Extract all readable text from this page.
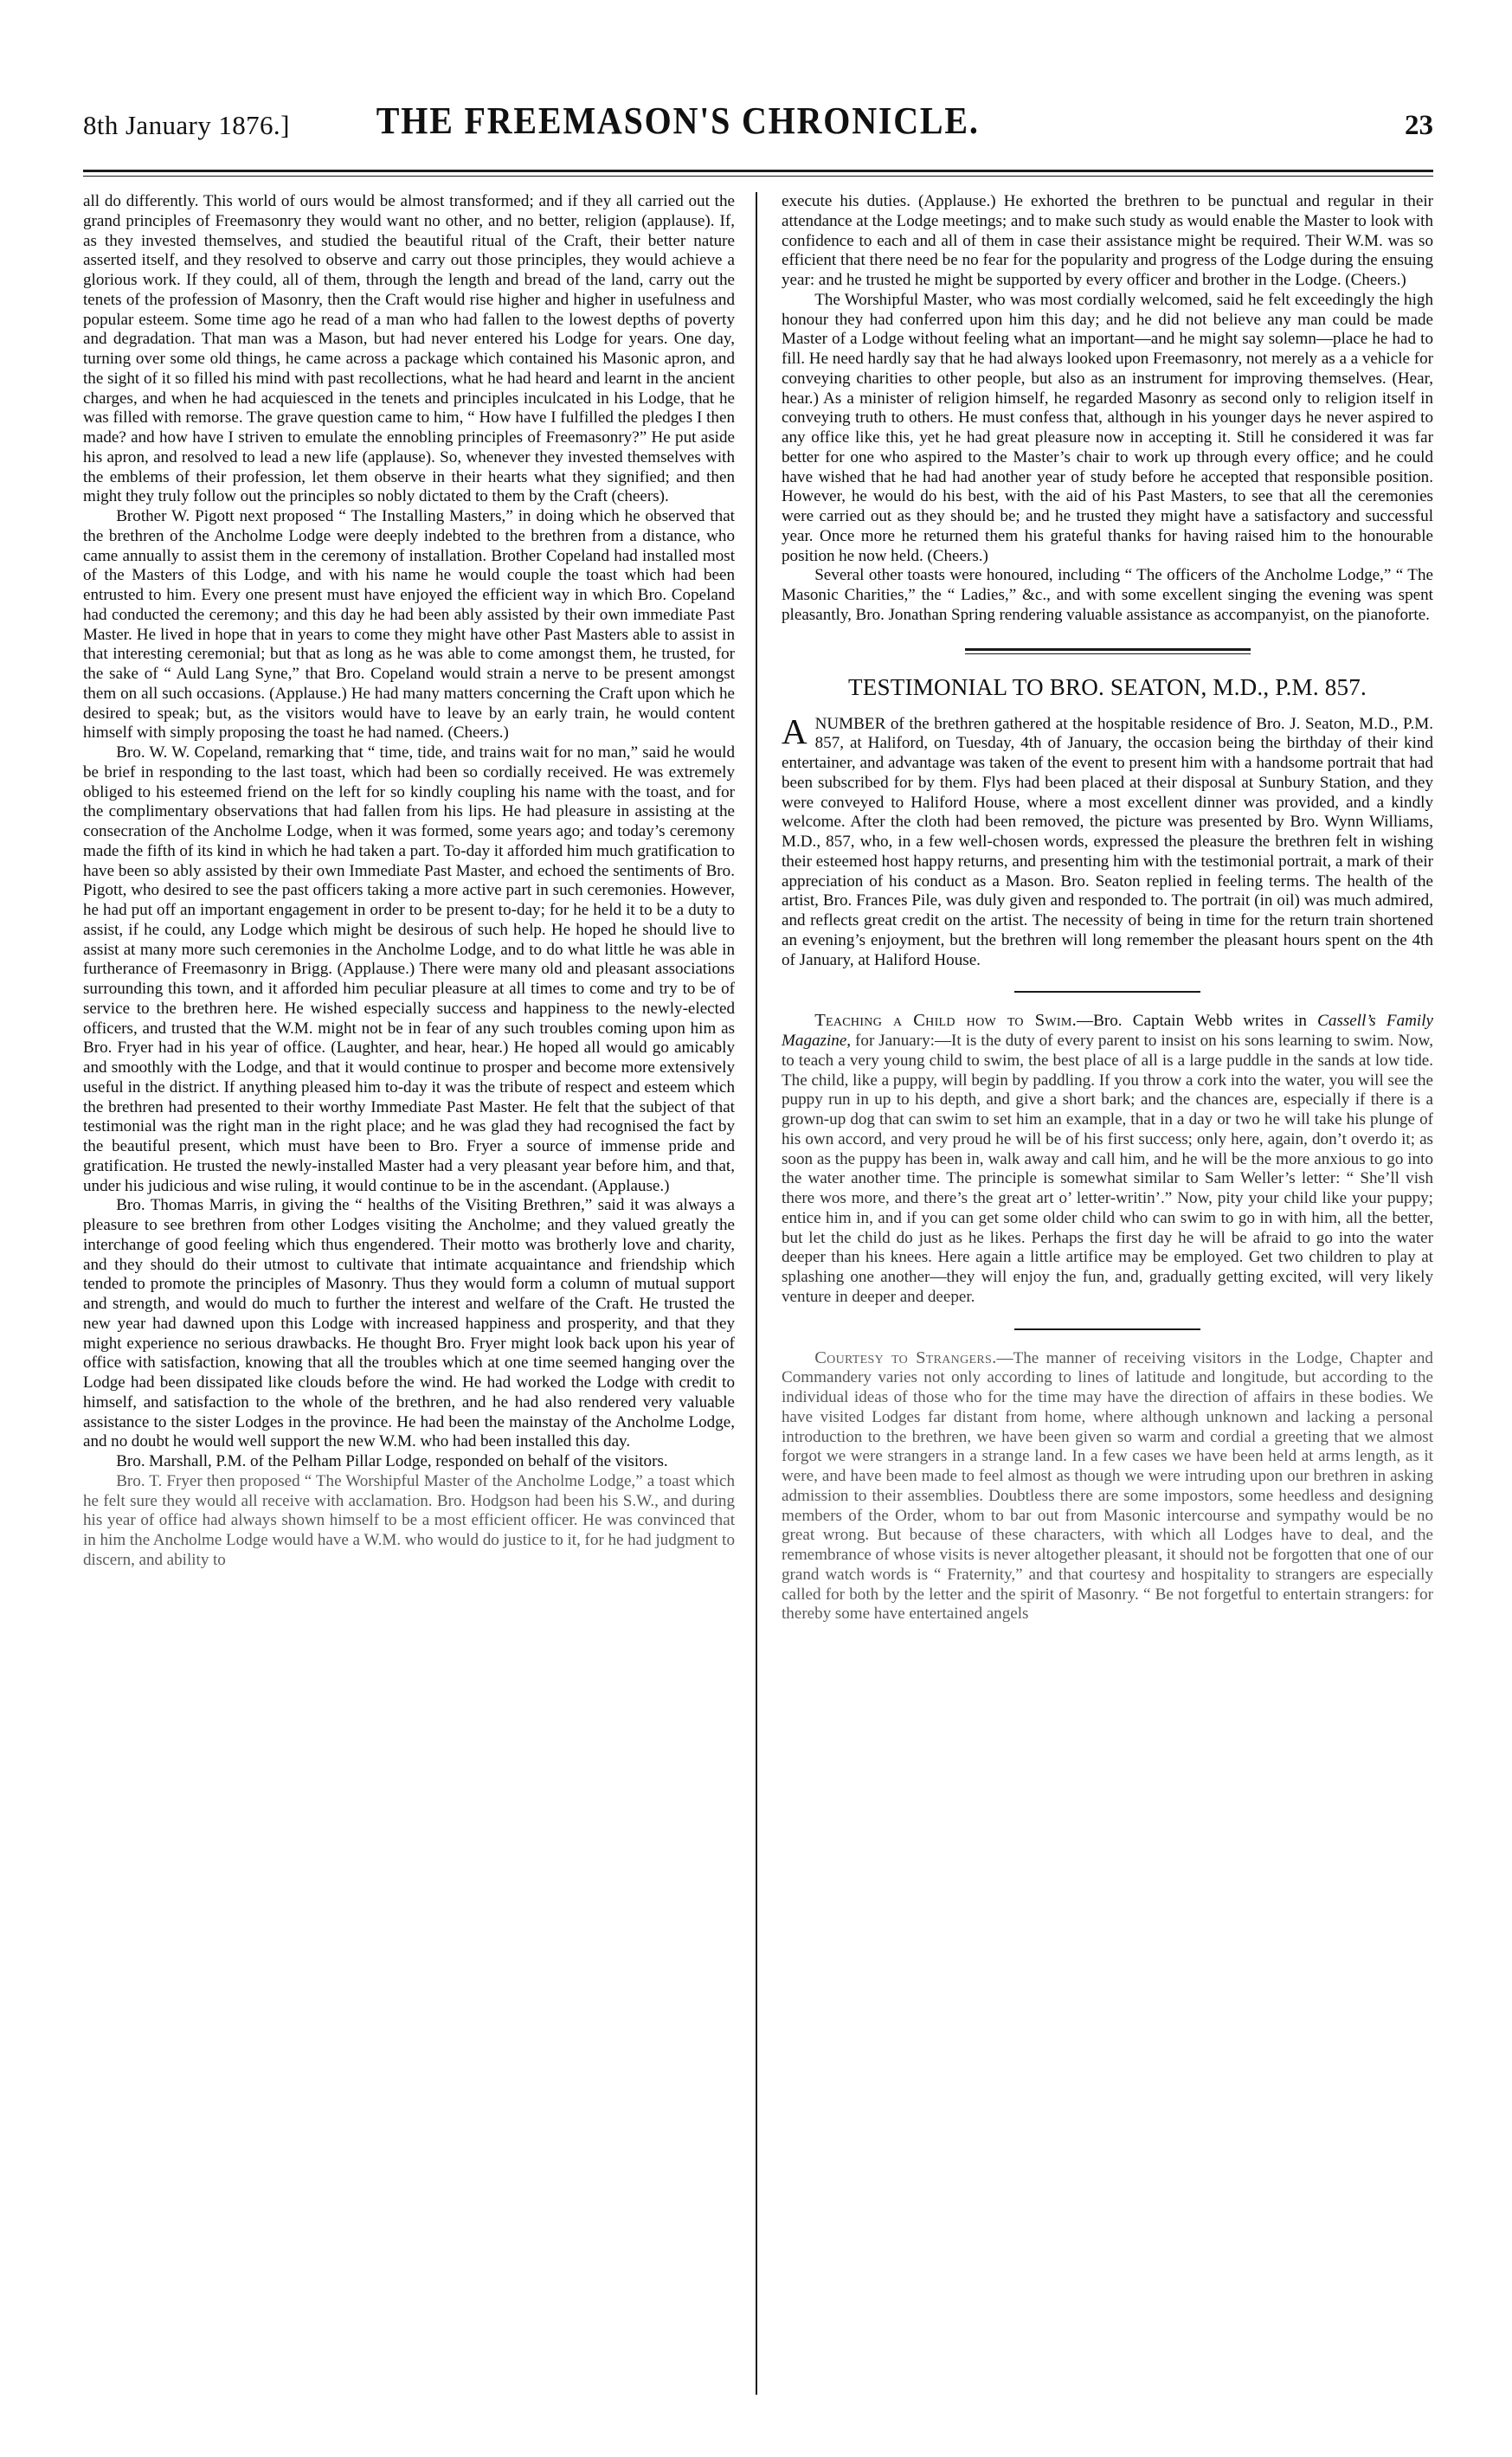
8th January 1876.]	THE FREEMASON'S CHRONICLE.	23

all do differently. This world of ours would be almost transformed; and if they all carried out the grand principles of Freemasonry they would want no other, and no better, religion (applause). If, as they invested themselves, and studied the beautiful ritual of the Craft, their better nature asserted itself, and they resolved to observe and carry out those principles, they would achieve a glorious work. If they could, all of them, through the length and bread of the land, carry out the tenets of the profession of Masonry, then the Craft would rise higher and higher in usefulness and popular esteem. Some time ago he read of a man who had fallen to the lowest depths of poverty and degradation. That man was a Mason, but had never entered his Lodge for years. One day, turning over some old things, he came across a package which contained his Masonic apron, and the sight of it so filled his mind with past recollections, what he had heard and learnt in the ancient charges, and when he had acquiesced in the tenets and principles inculcated in his Lodge, that he was filled with remorse. The grave question came to him, “ How have I fulfilled the pledges I then made? and how have I striven to emulate the ennobling principles of Freemasonry?” He put aside his apron, and resolved to lead a new life (applause). So, whenever they invested themselves with the emblems of their profession, let them observe in their hearts what they signified; and then might they truly follow out the principles so nobly dictated to them by the Craft (cheers).

Brother W. Pigott next proposed “ The Installing Masters,” in doing which he observed that the brethren of the Ancholme Lodge were deeply indebted to the brethren from a distance, who came annually to assist them in the ceremony of installation. Brother Copeland had installed most of the Masters of this Lodge, and with his name he would couple the toast which had been entrusted to him. Every one present must have enjoyed the efficient way in which Bro. Copeland had conducted the ceremony; and this day he had been ably assisted by their own immediate Past Master. He lived in hope that in years to come they might have other Past Masters able to assist in that interesting ceremonial; but that as long as he was able to come amongst them, he trusted, for the sake of “ Auld Lang Syne,” that Bro. Copeland would strain a nerve to be present amongst them on all such occasions. (Applause.) He had many matters concerning the Craft upon which he desired to speak; but, as the visitors would have to leave by an early train, he would content himself with simply proposing the toast he had named. (Cheers.)

Bro. W. W. Copeland, remarking that “ time, tide, and trains wait for no man,” said he would be brief in responding to the last toast, which had been so cordially received. He was extremely obliged to his esteemed friend on the left for so kindly coupling his name with the toast, and for the complimentary observations that had fallen from his lips. He had pleasure in assisting at the consecration of the Ancholme Lodge, when it was formed, some years ago; and today’s ceremony made the fifth of its kind in which he had taken a part. To-day it afforded him much gratification to have been so ably assisted by their own Immediate Past Master, and echoed the sentiments of Bro. Pigott, who desired to see the past officers taking a more active part in such ceremonies. However, he had put off an important engagement in order to be present to-day; for he held it to be a duty to assist, if he could, any Lodge which might be desirous of such help. He hoped he should live to assist at many more such ceremonies in the Ancholme Lodge, and to do what little he was able in furtherance of Freemasonry in Brigg. (Applause.) There were many old and pleasant associations surrounding this town, and it afforded him peculiar pleasure at all times to come and try to be of service to the brethren here. He wished especially success and happiness to the newly-elected officers, and trusted that the W.M. might not be in fear of any such troubles coming upon him as Bro. Fryer had in his year of office. (Laughter, and hear, hear.) He hoped all would go amicably and smoothly with the Lodge, and that it would continue to prosper and become more extensively useful in the district. If anything pleased him to-day it was the tribute of respect and esteem which the brethren had presented to their worthy Immediate Past Master. He felt that the subject of that testimonial was the right man in the right place; and he was glad they had recognised the fact by the beautiful present, which must have been to Bro. Fryer a source of immense pride and gratification. He trusted the newly-installed Master had a very pleasant year before him, and that, under his judicious and wise ruling, it would continue to be in the ascendant. (Applause.)

Bro. Thomas Marris, in giving the “ healths of the Visiting Brethren,” said it was always a pleasure to see brethren from other Lodges visiting the Ancholme; and they valued greatly the interchange of good feeling which thus engendered. Their motto was brotherly love and charity, and they should do their utmost to cultivate that intimate acquaintance and friendship which tended to promote the principles of Masonry. Thus they would form a column of mutual support and strength, and would do much to further the interest and welfare of the Craft. He trusted the new year had dawned upon this Lodge with increased happiness and prosperity, and that they might experience no serious drawbacks. He thought Bro. Fryer might look back upon his year of office with satisfaction, knowing that all the troubles which at one time seemed hanging over the Lodge had been dissipated like clouds before the wind. He had worked the Lodge with credit to himself, and satisfaction to the whole of the brethren, and he had also rendered very valuable assistance to the sister Lodges in the province. He had been the mainstay of the Ancholme Lodge, and no doubt he would well support the new W.M. who had been installed this day.

Bro. Marshall, P.M. of the Pelham Pillar Lodge, responded on behalf of the visitors.

Bro. T. Fryer then proposed “ The Worshipful Master of the Ancholme Lodge,” a toast which he felt sure they would all receive with acclamation. Bro. Hodgson had been his S.W., and during his year of office had always shown himself to be a most efficient officer. He was convinced that in him the Ancholme Lodge would have a W.M. who would do justice to it, for he had judgment to discern, and ability to

execute his duties. (Applause.) He exhorted the brethren to be punctual and regular in their attendance at the Lodge meetings; and to make such study as would enable the Master to look with confidence to each and all of them in case their assistance might be required. Their W.M. was so efficient that there need be no fear for the popularity and progress of the Lodge during the ensuing year: and he trusted he might be supported by every officer and brother in the Lodge. (Cheers.)

The Worshipful Master, who was most cordially welcomed, said he felt exceedingly the high honour they had conferred upon him this day; and he did not believe any man could be made Master of a Lodge without feeling what an important—and he might say solemn—place he had to fill. He need hardly say that he had always looked upon Freemasonry, not merely as a a vehicle for conveying charities to other people, but also as an instrument for improving themselves. (Hear, hear.) As a minister of religion himself, he regarded Masonry as second only to religion itself in conveying truth to others. He must confess that, although in his younger days he never aspired to any office like this, yet he had great pleasure now in accepting it. Still he considered it was far better for one who aspired to the Master’s chair to work up through every office; and he could have wished that he had had another year of study before he accepted that responsible position. However, he would do his best, with the aid of his Past Masters, to see that all the ceremonies were carried out as they should be; and he trusted they might have a satisfactory and successful year. Once more he returned them his grateful thanks for having raised him to the honourable position he now held. (Cheers.)

Several other toasts were honoured, including “ The officers of the Ancholme Lodge,” “ The Masonic Charities,” the “ Ladies,” &c., and with some excellent singing the evening was spent pleasantly, Bro. Jonathan Spring rendering valuable assistance as accompanyist, on the pianoforte.

TESTIMONIAL TO BRO. SEATON, M.D., P.M. 857.

ANUMBER of the brethren gathered at the hospitable residence of Bro. J. Seaton, M.D., P.M. 857, at Haliford, on Tuesday, 4th of January, the occasion being the birthday of their kind entertainer, and advantage was taken of the event to present him with a handsome portrait that had been subscribed for by them. Flys had been placed at their disposal at Sunbury Station, and they were conveyed to Haliford House, where a most excellent dinner was provided, and a kindly welcome. After the cloth had been removed, the picture was presented by Bro. Wynn Williams, M.D., 857, who, in a few well-chosen words, expressed the pleasure the brethren felt in wishing their esteemed host happy returns, and presenting him with the testimonial portrait, a mark of their appreciation of his conduct as a Mason. Bro. Seaton replied in feeling terms. The health of the artist, Bro. Frances Pile, was duly given and responded to. The portrait (in oil) was much admired, and reflects great credit on the artist. The necessity of being in time for the return train shortened an evening’s enjoyment, but the brethren will long remember the pleasant hours spent on the 4th of January, at Haliford House.

Teaching a Child how to Swim.—Bro. Captain Webb writes in Cassell’s Family Magazine, for January:—It is the duty of every parent to insist on his sons learning to swim. Now, to teach a very young child to swim, the best place of all is a large puddle in the sands at low tide. The child, like a puppy, will begin by paddling. If you throw a cork into the water, you will see the puppy run in up to his depth, and give a short bark; and the chances are, especially if there is a grown-up dog that can swim to set him an example, that in a day or two he will take his plunge of his own accord, and very proud he will be of his first success; only here, again, don’t overdo it; as soon as the puppy has been in, walk away and call him, and he will be the more anxious to go into the water another time. The principle is somewhat similar to Sam Weller’s letter: “ She’ll vish there wos more, and there’s the great art o’ letter-writin’.” Now, pity your child like your puppy; entice him in, and if you can get some older child who can swim to go in with him, all the better, but let the child do just as he likes. Perhaps the first day he will be afraid to go into the water deeper than his knees. Here again a little artifice may be employed. Get two children to play at splashing one another—they will enjoy the fun, and, gradually getting excited, will very likely venture in deeper and deeper.

Courtesy to Strangers.—The manner of receiving visitors in the Lodge, Chapter and Commandery varies not only according to lines of latitude and longitude, but according to the individual ideas of those who for the time may have the direction of affairs in these bodies. We have visited Lodges far distant from home, where although unknown and lacking a personal introduction to the brethren, we have been given so warm and cordial a greeting that we almost forgot we were strangers in a strange land. In a few cases we have been held at arms length, as it were, and have been made to feel almost as though we were intruding upon our brethren in asking admission to their assemblies. Doubtless there are some impostors, some heedless and designing members of the Order, whom to bar out from Masonic intercourse and sympathy would be no great wrong. But because of these characters, with which all Lodges have to deal, and the remembrance of whose visits is never altogether pleasant, it should not be forgotten that one of our grand watch words is “ Fraternity,” and that courtesy and hospitality to strangers are especially called for both by the letter and the spirit of Masonry. “ Be not forgetful to entertain strangers: for thereby some have entertained angels
